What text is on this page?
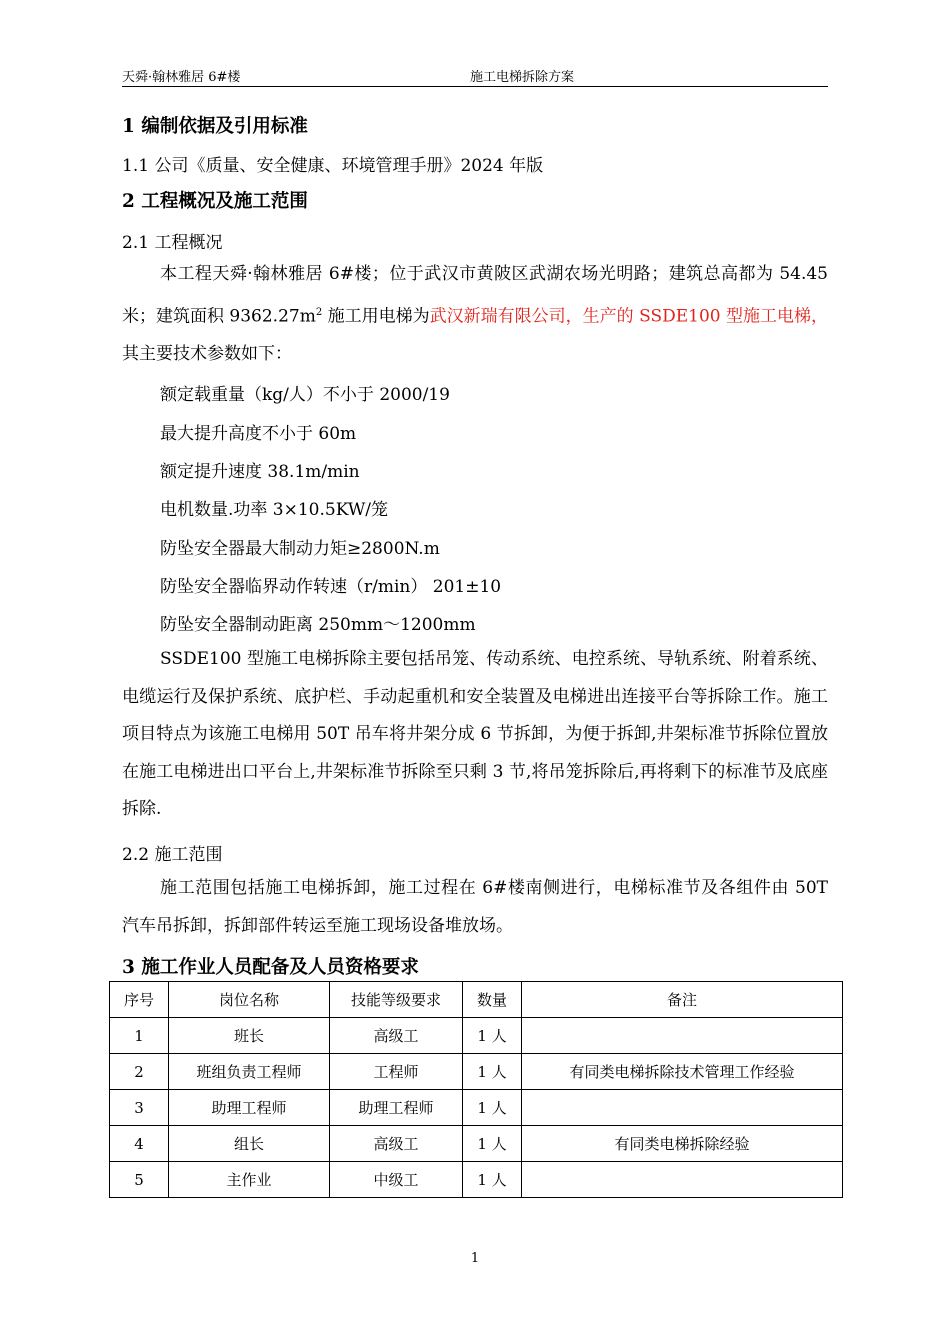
天舜·翰林雅居 6#楼	施工电梯拆除方案
1 编制依据及引用标准
1.1 公司《质量、安全健康、环境管理手册》2024 年版
2 工程概况及施工范围
2.1 工程概况
本工程天舜·翰林雅居 6#楼；位于武汉市黄陂区武湖农场光明路；建筑总高都为 54.45 米；建筑面积 $9362.27m^2$ 施工用电梯为武汉新瑞有限公司，生产的 SSDE100 型施工电梯，其主要技术参数如下：
额定载重量（kg/人）不小于 2000/19
最大提升高度不小于 60m
额定提升速度 38.1m/min
电机数量.功率 3×10.5KW/笼
防坠安全器最大制动力矩≥2800N.m
防坠安全器临界动作转速（r/min） 201±10
防坠安全器制动距离 250mm～1200mm
SSDE100 型施工电梯拆除主要包括吊笼、传动系统、电控系统、导轨系统、附着系统、电缆运行及保护系统、底护栏、手动起重机和安全装置及电梯进出连接平台等拆除工作。施工项目特点为该施工电梯用 50T 吊车将井架分成 6 节拆卸，为便于拆卸,井架标准节拆除位置放在施工电梯进出口平台上,井架标准节拆除至只剩 3 节,将吊笼拆除后,再将剩下的标准节及底座拆除.
2.2 施工范围
施工范围包括施工电梯拆卸，施工过程在 6#楼南侧进行，电梯标准节及各组件由 50T 汽车吊拆卸，拆卸部件转运至施工现场设备堆放场。
3 施工作业人员配备及人员资格要求
序号	岗位名称	技能等级要求	数量	备注
1	班长	高级工	1 人	
2	班组负责工程师	工程师	1 人	有同类电梯拆除技术管理工作经验
3	助理工程师	助理工程师	1 人	
4	组长	高级工	1 人	有同类电梯拆除经验
5	主作业	中级工	1 人	
1
